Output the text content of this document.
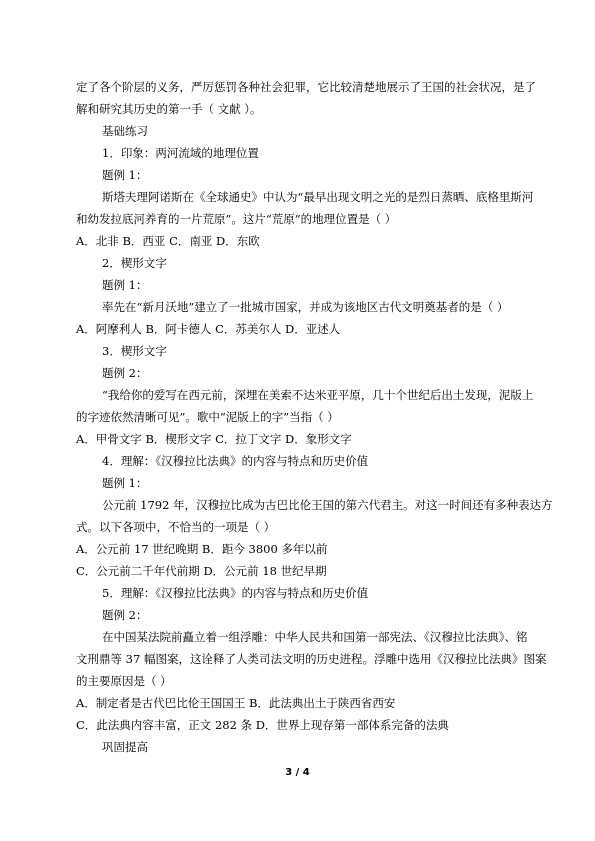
定了各个阶层的义务，严厉惩罚各种社会犯罪，它比较清楚地展示了王国的社会状况，是了
解和研究其历史的第一手（ 文献 ）。
基础练习
1．印象：两河流域的地理位置
题例 1：
斯塔夫理阿诺斯在《全球通史》中认为“最早出现文明之光的是烈日蒸晒、底格里斯河
和幼发拉底河养育的一片荒原”。这片“荒原”的地理位置是（ ）
A．北非 B．西亚 C．南亚 D．东欧
2．楔形文字
题例 1：
率先在“新月沃地”建立了一批城市国家，并成为该地区古代文明奠基者的是（ ）
A．阿摩利人 B．阿卡德人 C．苏美尔人 D．亚述人
3．楔形文字
题例 2：
“我给你的爱写在西元前，深埋在美索不达米亚平原，几十个世纪后出土发现，泥版上
的字迹依然清晰可见”。歌中“泥版上的字”当指（ ）
A．甲骨文字 B．楔形文字 C．拉丁文字 D．象形文字
4．理解：《汉穆拉比法典》的内容与特点和历史价值
题例 1：
公元前 1792 年，汉穆拉比成为古巴比伦王国的第六代君主。对这一时间还有多种表达方
式。以下各项中，不恰当的一项是（ ）
A．公元前 17 世纪晚期 B．距今 3800 多年以前
C．公元前二千年代前期 D．公元前 18 世纪早期
5．理解：《汉穆拉比法典》的内容与特点和历史价值
题例 2：
在中国某法院前矗立着一组浮雕：中华人民共和国第一部宪法、《汉穆拉比法典》、铭
文刑鼎等 37 幅图案，这诠释了人类司法文明的历史进程。浮雕中选用《汉穆拉比法典》图案
的主要原因是（ ）
A．制定者是古代巴比伦王国国王 B．此法典出土于陕西省西安
C．此法典内容丰富，正文 282 条 D．世界上现存第一部体系完备的法典
巩固提高
3 / 4
